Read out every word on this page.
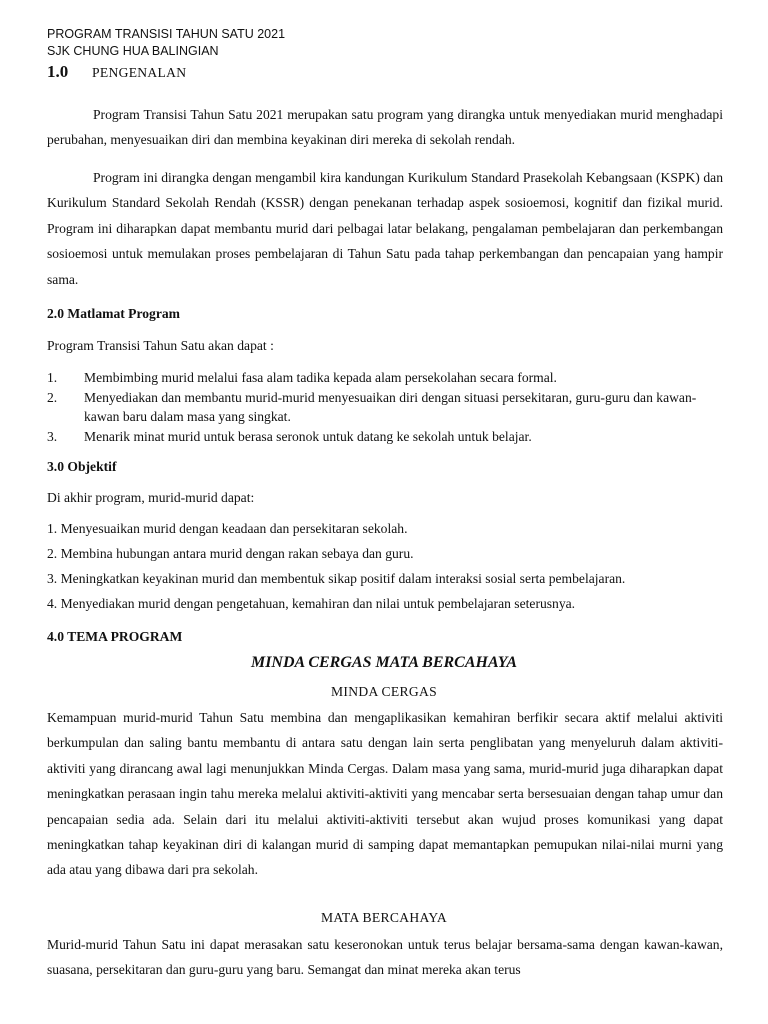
PROGRAM TRANSISI TAHUN SATU 2021
SJK CHUNG HUA BALINGIAN
1.0 PENGENALAN
Program Transisi Tahun Satu 2021 merupakan satu program yang dirangka untuk menyediakan murid menghadapi perubahan, menyesuaikan diri dan membina keyakinan diri mereka di sekolah rendah.
Program ini dirangka dengan mengambil kira kandungan Kurikulum Standard Prasekolah Kebangsaan (KSPK) dan Kurikulum Standard Sekolah Rendah (KSSR) dengan penekanan terhadap aspek sosioemosi, kognitif dan fizikal murid. Program ini diharapkan dapat membantu murid dari pelbagai latar belakang, pengalaman pembelajaran dan perkembangan sosioemosi untuk memulakan proses pembelajaran di Tahun Satu pada tahap perkembangan dan pencapaian yang hampir sama.
2.0 Matlamat Program
Program Transisi Tahun Satu akan dapat :
1. Membimbing murid melalui fasa alam tadika kepada alam persekolahan secara formal.
2. Menyediakan dan membantu murid-murid menyesuaikan diri dengan situasi persekitaran, guru-guru dan kawan-kawan baru dalam masa yang singkat.
3. Menarik minat murid untuk berasa seronok untuk datang ke sekolah untuk belajar.
3.0 Objektif
Di akhir program, murid-murid dapat:
1. Menyesuaikan murid dengan keadaan dan persekitaran sekolah.
2. Membina hubungan antara murid dengan rakan sebaya dan guru.
3. Meningkatkan keyakinan murid dan membentuk sikap positif dalam interaksi sosial serta pembelajaran.
4. Menyediakan murid dengan pengetahuan, kemahiran dan nilai untuk pembelajaran seterusnya.
4.0 TEMA PROGRAM
MINDA CERGAS MATA BERCAHAYA
MINDA CERGAS
Kemampuan murid-murid Tahun Satu membina dan mengaplikasikan kemahiran berfikir secara aktif melalui aktiviti berkumpulan dan saling bantu membantu di antara satu dengan lain serta penglibatan yang menyeluruh dalam aktiviti-aktiviti yang dirancang awal lagi menunjukkan Minda Cergas. Dalam masa yang sama, murid-murid juga diharapkan dapat meningkatkan perasaan ingin tahu mereka melalui aktiviti-aktiviti yang mencabar serta bersesuaian dengan tahap umur dan pencapaian sedia ada. Selain dari itu melalui aktiviti-aktiviti tersebut akan wujud proses komunikasi yang dapat meningkatkan tahap keyakinan diri di kalangan murid di samping dapat memantapkan pemupukan nilai-nilai murni yang ada atau yang dibawa dari pra sekolah.
MATA BERCAHAYA
Murid-murid Tahun Satu ini dapat merasakan satu keseronokan untuk terus belajar bersama-sama dengan kawan-kawan, suasana, persekitaran dan guru-guru yang baru. Semangat dan minat mereka akan terus
